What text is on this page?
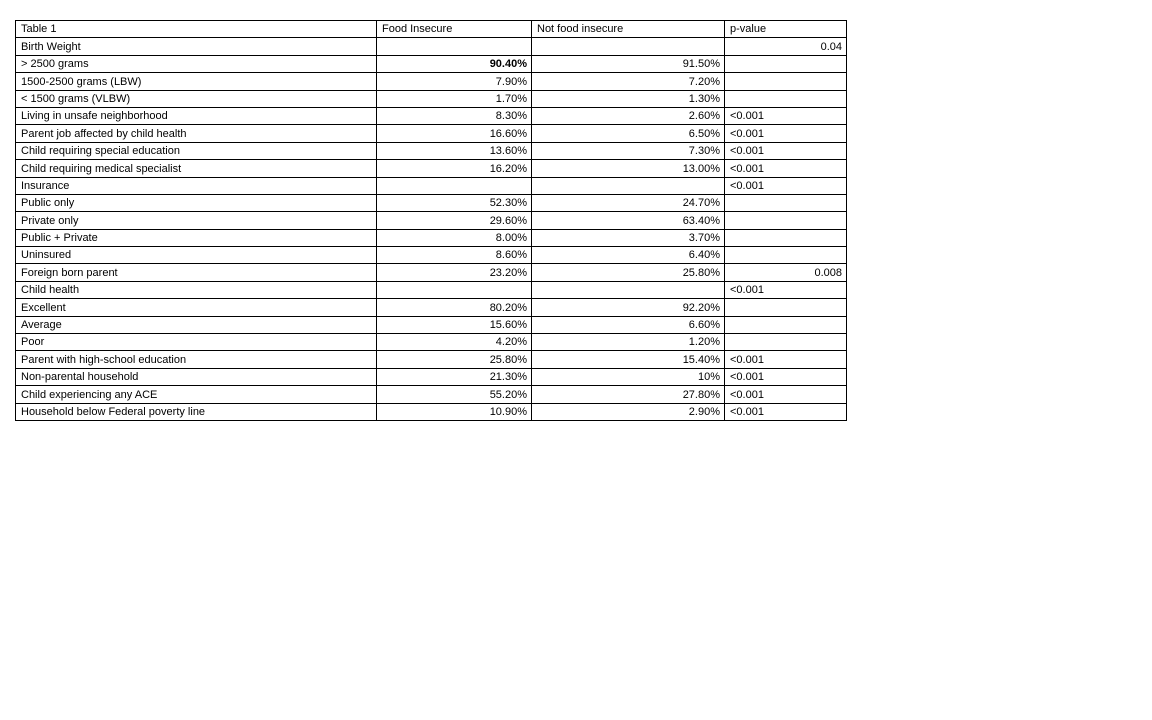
Table 1	Food Insecure	Not food insecure	p-value
Birth Weight			0.04
> 2500 grams	90.40%	91.50%	
1500-2500 grams (LBW)	7.90%	7.20%	
< 1500 grams (VLBW)	1.70%	1.30%	
Living in unsafe neighborhood	8.30%	2.60%	<0.001
Parent job affected by child health	16.60%	6.50%	<0.001
Child requiring special education	13.60%	7.30%	<0.001
Child requiring medical specialist	16.20%	13.00%	<0.001
Insurance			<0.001
Public only	52.30%	24.70%	
Private only	29.60%	63.40%	
Public + Private	8.00%	3.70%	
Uninsured	8.60%	6.40%	
Foreign born parent	23.20%	25.80%	0.008
Child health			<0.001
Excellent	80.20%	92.20%	
Average	15.60%	6.60%	
Poor	4.20%	1.20%	
Parent with high-school education	25.80%	15.40%	<0.001
Non-parental household	21.30%	10%	<0.001
Child experiencing any ACE	55.20%	27.80%	<0.001
Household below Federal poverty line	10.90%	2.90%	<0.001
